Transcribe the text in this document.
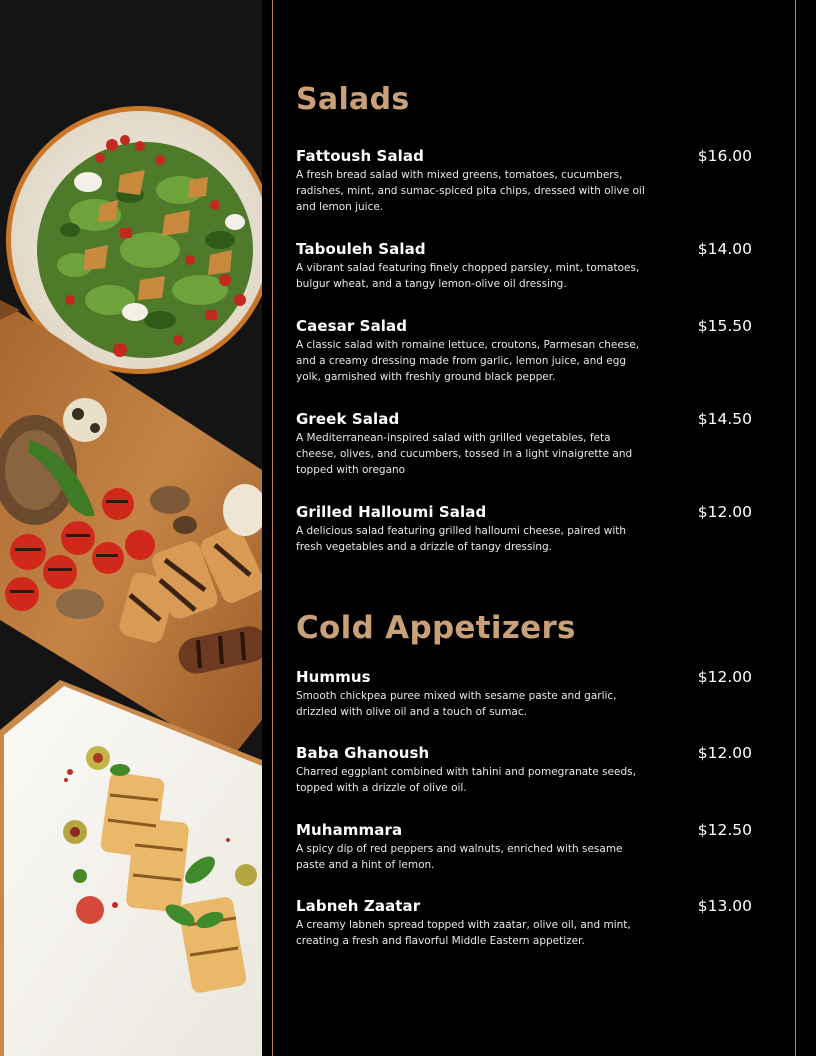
Salads
Fattoush Salad	$16.00
A fresh bread salad with mixed greens, tomatoes, cucumbers, radishes, mint, and sumac-spiced pita chips, dressed with olive oil and lemon juice.
Tabouleh Salad	$14.00
A vibrant salad featuring finely chopped parsley, mint, tomatoes, bulgur wheat, and a tangy lemon-olive oil dressing.
Caesar Salad	$15.50
A classic salad with romaine lettuce, croutons, Parmesan cheese, and a creamy dressing made from garlic, lemon juice, and egg yolk, garnished with freshly ground black pepper.
Greek Salad	$14.50
A Mediterranean-inspired salad with grilled vegetables, feta cheese, olives, and cucumbers, tossed in a light vinaigrette and topped with oregano
Grilled Halloumi Salad	$12.00
A delicious salad featuring grilled halloumi cheese, paired with fresh vegetables and a drizzle of tangy dressing.
Cold Appetizers
Hummus	$12.00
Smooth chickpea puree mixed with sesame paste and garlic, drizzled with olive oil and a touch of sumac.
Baba Ghanoush	$12.00
Charred eggplant combined with tahini and pomegranate seeds, topped with a drizzle of olive oil.
Muhammara	$12.50
A spicy dip of red peppers and walnuts, enriched with sesame paste and a hint of lemon.
Labneh Zaatar	$13.00
A creamy labneh spread topped with zaatar, olive oil, and mint, creating a fresh and flavorful Middle Eastern appetizer.
